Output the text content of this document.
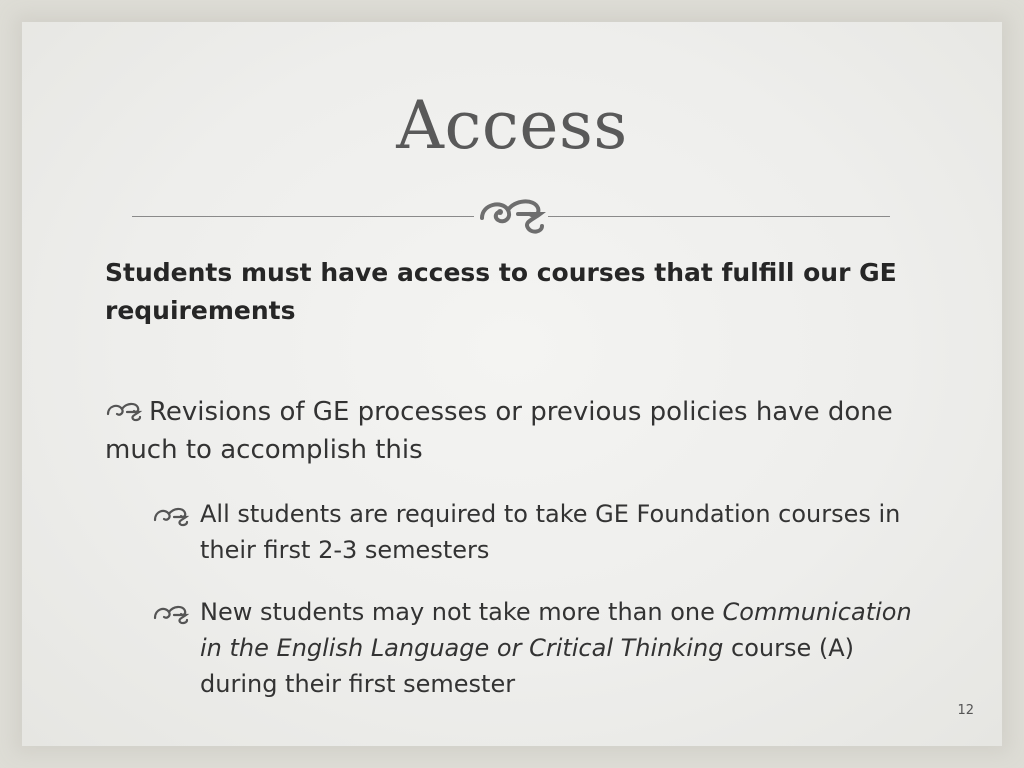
Access
Students must have access to courses that fulfill our GE requirements
Revisions of GE processes or previous policies have done much to accomplish this
All students are required to take GE Foundation courses in their first 2-3 semesters
New students may not take more than one Communication in the English Language or Critical Thinking course (A) during their first semester
12
